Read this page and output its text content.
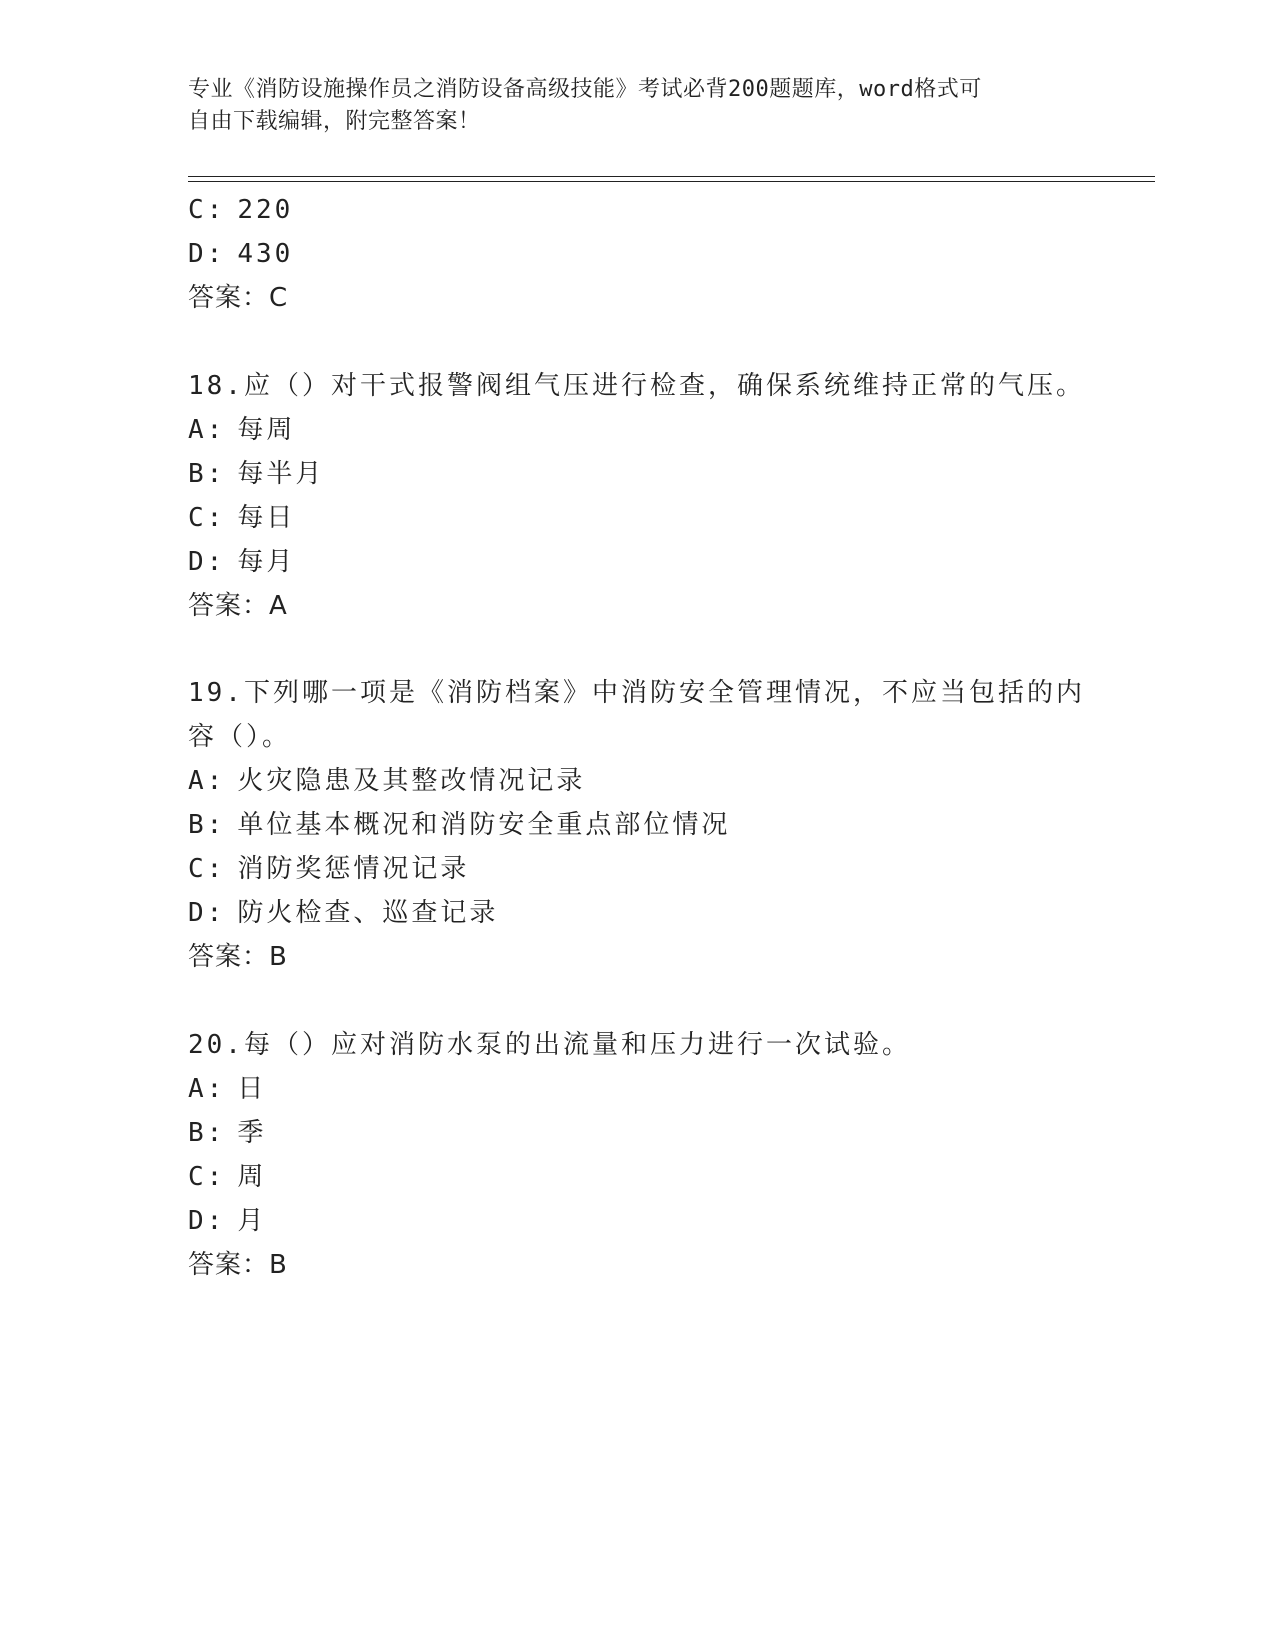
专业《消防设施操作员之消防设备高级技能》考试必背200题题库，word格式可
自由下载编辑，附完整答案！
C: 220
D: 430
答案：C
18.应（）对干式报警阀组气压进行检查，确保系统维持正常的气压。
A: 每周
B: 每半月
C: 每日
D: 每月
答案：A
19.下列哪一项是《消防档案》中消防安全管理情况，不应当包括的内
容（）。
A: 火灾隐患及其整改情况记录
B: 单位基本概况和消防安全重点部位情况
C: 消防奖惩情况记录
D: 防火检查、巡查记录
答案：B
20.每（）应对消防水泵的出流量和压力进行一次试验。
A: 日
B: 季
C: 周
D: 月
答案：B
